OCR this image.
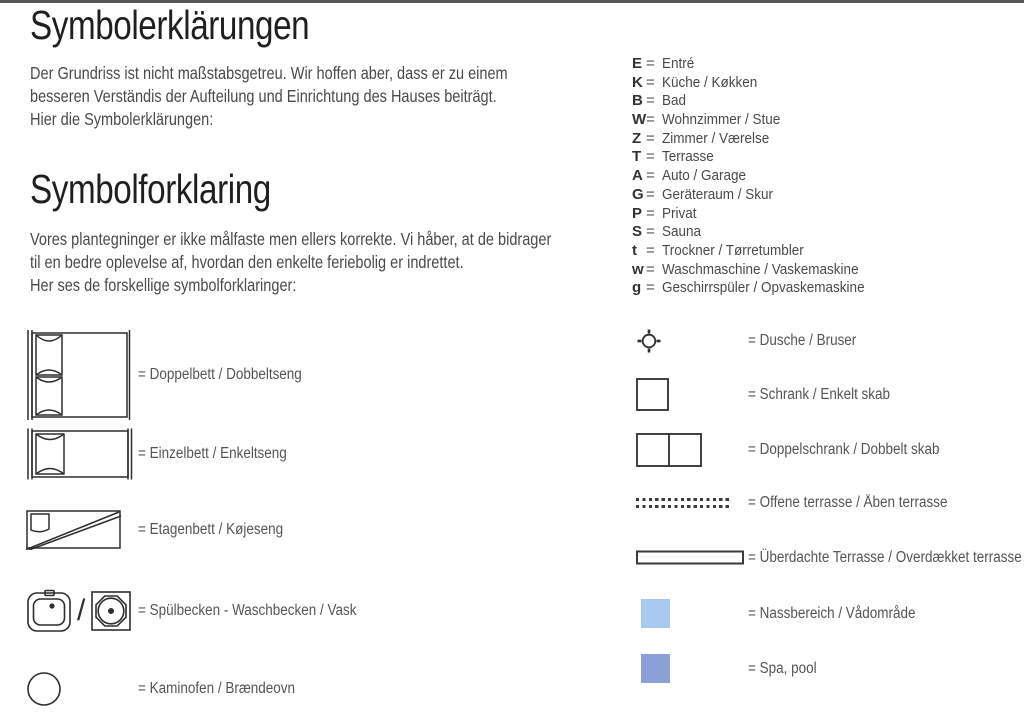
Symbolerklärungen
Der Grundriss ist nicht maßstabsgetreu. Wir hoffen aber, dass er zu einem
besseren Verständis der Aufteilung und Einrichtung des Hauses beiträgt.
Hier die Symbolerklärungen:
Symbolforklaring
Vores plantegninger er ikke målfaste men ellers korrekte. Vi håber, at de bidrager
til en bedre oplevelse af, hvordan den enkelte feriebolig er indrettet.
Her ses de forskellige symbolforklaringer:
E = Entré
K = Küche / Køkken
B = Bad
W = Wohnzimmer / Stue
Z = Zimmer / Værelse
T = Terrasse
A = Auto / Garage
G = Geräteraum / Skur
P = Privat
S = Sauna
t = Trockner / Tørretumbler
w = Waschmaschine / Vaskemaskine
g = Geschirrspüler / Opvaskemaskine
= Doppelbett / Dobbeltseng
= Einzelbett / Enkeltseng
= Etagenbett / Køjeseng
/	= Spülbecken - Waschbecken / Vask
= Kaminofen / Brændeovn
= Dusche / Bruser
= Schrank / Enkelt skab
= Doppelschrank / Dobbelt skab
= Offene terrasse / Åben terrasse
= Überdachte Terrasse / Overdækket terrasse
= Nassbereich / Vådområde
= Spa, pool
